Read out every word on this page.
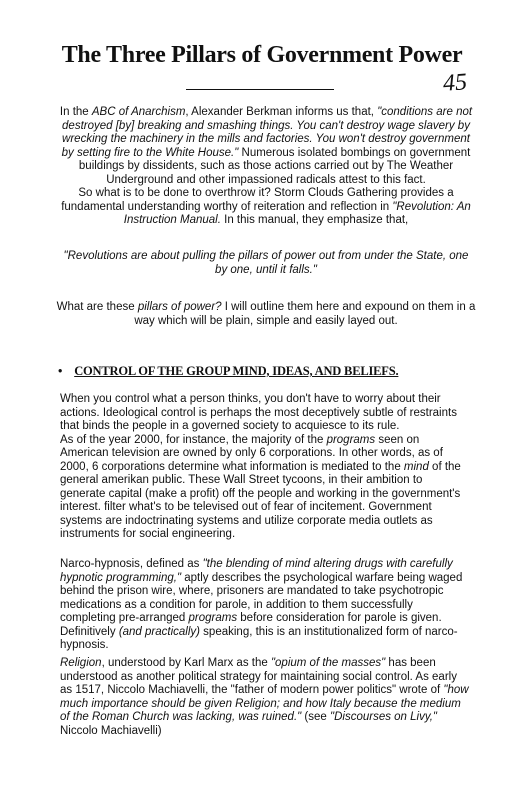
The Three Pillars of Government Power
45

In the ABC of Anarchism, Alexander Berkman informs us that, "conditions are not destroyed [by] breaking and smashing things. You can't destroy wage slavery by wrecking the machinery in the mills and factories. You won't destroy government by setting fire to the White House." Numerous isolated bombings on government buildings by dissidents, such as those actions carried out by The Weather Underground and other impassioned radicals attest to this fact.

So what is to be done to overthrow it? Storm Clouds Gathering provides a fundamental understanding worthy of reiteration and reflection in "Revolution: An Instruction Manual. In this manual, they emphasize that,

"Revolutions are about pulling the pillars of power out from under the State, one by one, until it falls."
What are these pillars of power? I will outline them here and expound on them in a way which will be plain, simple and easily layed out.
• CONTROL OF THE GROUP MIND, IDEAS, AND BELIEFS.

When you control what a person thinks, you don't have to worry about their actions. Ideological control is perhaps the most deceptively subtle of restraints that binds the people in a governed society to acquiesce to its rule.

As of the year 2000, for instance, the majority of the programs seen on American television are owned by only 6 corporations. In other words, as of 2000, 6 corporations determine what information is mediated to the mind of the general amerikan public. These Wall Street tycoons, in their ambition to generate capital (make a profit) off the people and working in the government's interest. filter what's to be televised out of fear of incitement. Government systems are indoctrinating systems and utilize corporate media outlets as instruments for social engineering.

Narco-hypnosis, defined as "the blending of mind altering drugs with carefully hypnotic programming," aptly describes the psychological warfare being waged behind the prison wire, where, prisoners are mandated to take psychotropic medications as a condition for parole, in addition to them successfully completing pre-arranged programs before consideration for parole is given. Definitively (and practically) speaking, this is an institutionalized form of narco-hypnosis.
Religion, understood by Karl Marx as the "opium of the masses" has been understood as another political strategy for maintaining social control. As early as 1517, Niccolo Machiavelli, the "father of modern power politics" wrote of "how much importance should be given Religion; and how Italy because the medium of the Roman Church was lacking, was ruined." (see "Discourses on Livy," Niccolo Machiavelli)
